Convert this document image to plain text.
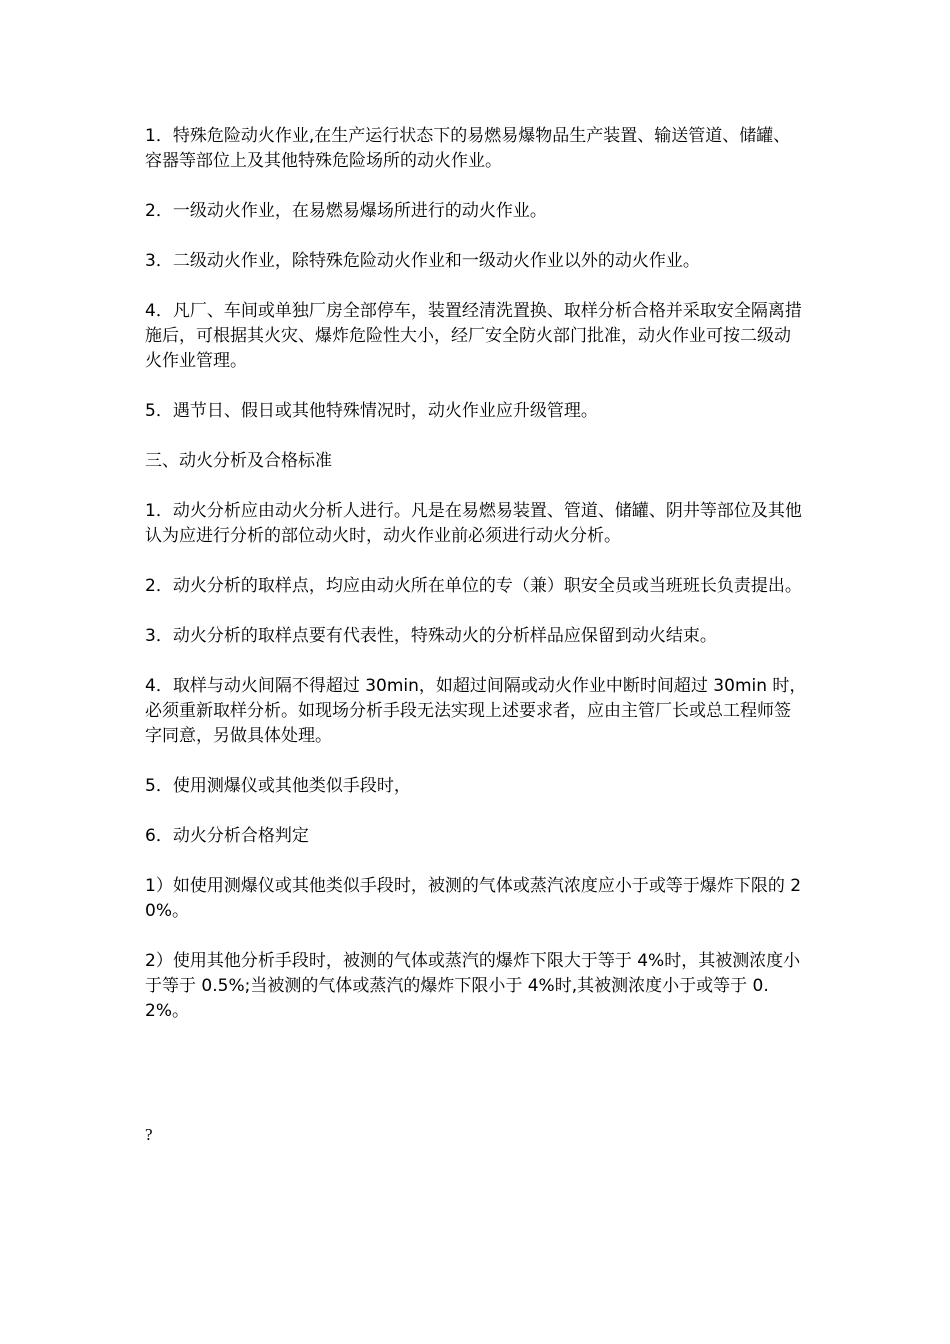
1．特殊危险动火作业,在生产运行状态下的易燃易爆物品生产装置、输送管道、储罐、容器等部位上及其他特殊危险场所的动火作业。

2．一级动火作业，在易燃易爆场所进行的动火作业。

3．二级动火作业，除特殊危险动火作业和一级动火作业以外的动火作业。

4．凡厂、车间或单独厂房全部停车，装置经清洗置换、取样分析合格并采取安全隔离措施后，可根据其火灾、爆炸危险性大小，经厂安全防火部门批准，动火作业可按二级动火作业管理。

5．遇节日、假日或其他特殊情况时，动火作业应升级管理。

三、动火分析及合格标准

1．动火分析应由动火分析人进行。凡是在易燃易装置、管道、储罐、阴井等部位及其他认为应进行分析的部位动火时，动火作业前必须进行动火分析。

2．动火分析的取样点，均应由动火所在单位的专（兼）职安全员或当班班长负责提出。

3．动火分析的取样点要有代表性，特殊动火的分析样品应保留到动火结束。

4．取样与动火间隔不得超过 30min，如超过间隔或动火作业中断时间超过 30min 时，必须重新取样分析。如现场分析手段无法实现上述要求者，应由主管厂长或总工程师签字同意，另做具体处理。

5．使用测爆仪或其他类似手段时，

6．动火分析合格判定

1）如使用测爆仪或其他类似手段时，被测的气体或蒸汽浓度应小于或等于爆炸下限的 20%。

2）使用其他分析手段时，被测的气体或蒸汽的爆炸下限大于等于 4%时，其被测浓度小于等于 0.5%;当被测的气体或蒸汽的爆炸下限小于 4%时,其被测浓度小于或等于 0.2%。

?
